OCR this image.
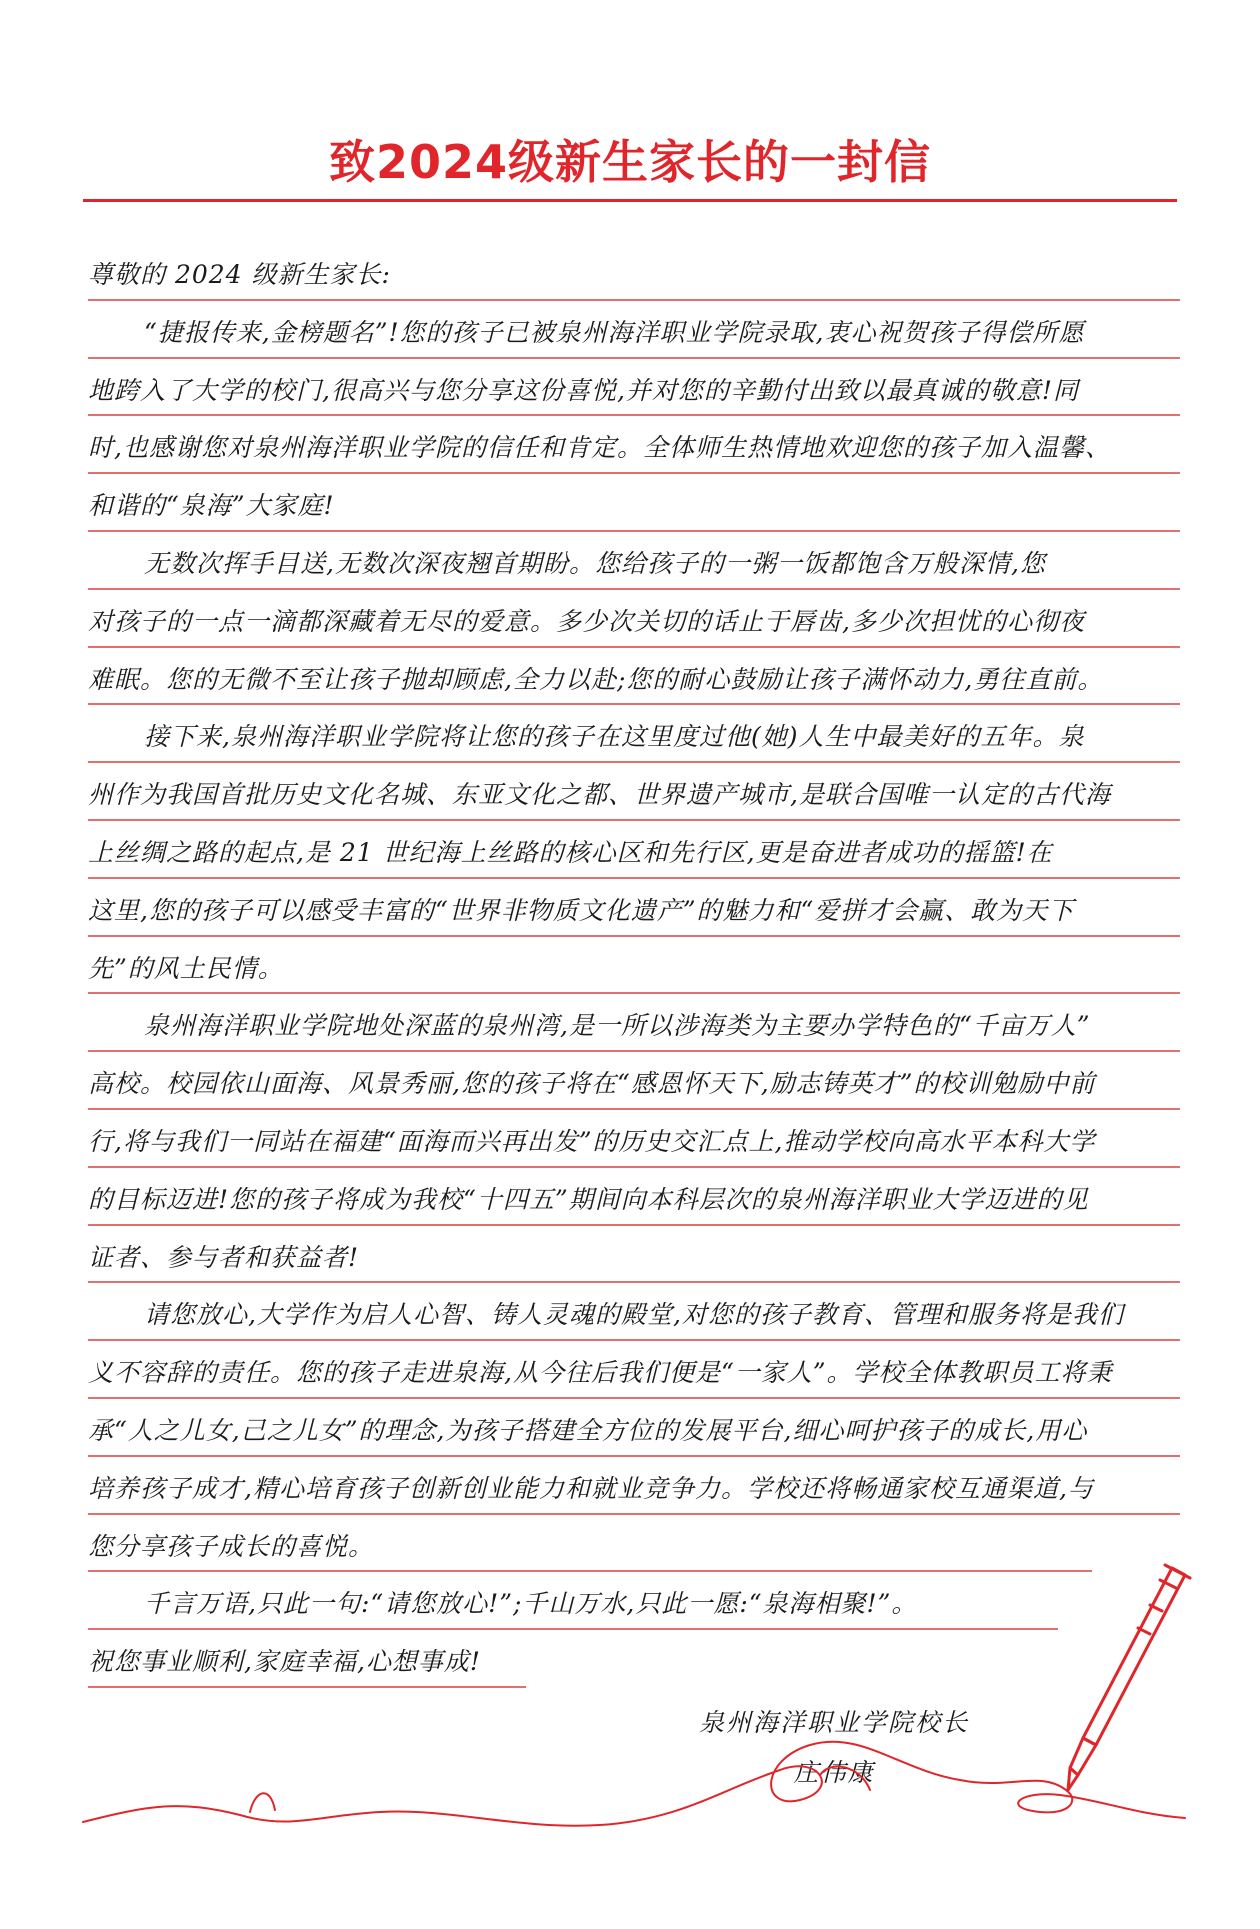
致2024级新生家长的一封信
尊敬的 2024 级新生家长:
“捷报传来,金榜题名”!您的孩子已被泉州海洋职业学院录取,衷心祝贺孩子得偿所愿
地跨入了大学的校门,很高兴与您分享这份喜悦,并对您的辛勤付出致以最真诚的敬意!同
时,也感谢您对泉州海洋职业学院的信任和肯定。全体师生热情地欢迎您的孩子加入温馨、
和谐的“泉海”大家庭!
无数次挥手目送,无数次深夜翘首期盼。您给孩子的一粥一饭都饱含万般深情,您
对孩子的一点一滴都深藏着无尽的爱意。多少次关切的话止于唇齿,多少次担忧的心彻夜
难眠。您的无微不至让孩子抛却顾虑,全力以赴;您的耐心鼓励让孩子满怀动力,勇往直前。
接下来,泉州海洋职业学院将让您的孩子在这里度过他(她)人生中最美好的五年。泉
州作为我国首批历史文化名城、东亚文化之都、世界遗产城市,是联合国唯一认定的古代海
上丝绸之路的起点,是 21 世纪海上丝路的核心区和先行区,更是奋进者成功的摇篮!在
这里,您的孩子可以感受丰富的“世界非物质文化遗产”的魅力和“爱拼才会赢、敢为天下
先”的风土民情。
泉州海洋职业学院地处深蓝的泉州湾,是一所以涉海类为主要办学特色的“千亩万人”
高校。校园依山面海、风景秀丽,您的孩子将在“感恩怀天下,励志铸英才”的校训勉励中前
行,将与我们一同站在福建“面海而兴再出发”的历史交汇点上,推动学校向高水平本科大学
的目标迈进!您的孩子将成为我校“十四五”期间向本科层次的泉州海洋职业大学迈进的见
证者、参与者和获益者!
请您放心,大学作为启人心智、铸人灵魂的殿堂,对您的孩子教育、管理和服务将是我们
义不容辞的责任。您的孩子走进泉海,从今往后我们便是“一家人”。学校全体教职员工将秉
承“人之儿女,己之儿女”的理念,为孩子搭建全方位的发展平台,细心呵护孩子的成长,用心
培养孩子成才,精心培育孩子创新创业能力和就业竞争力。学校还将畅通家校互通渠道,与
您分享孩子成长的喜悦。
千言万语,只此一句:“请您放心!”;千山万水,只此一愿:“泉海相聚!”。
祝您事业顺利,家庭幸福,心想事成!
泉州海洋职业学院校长
庄伟康
